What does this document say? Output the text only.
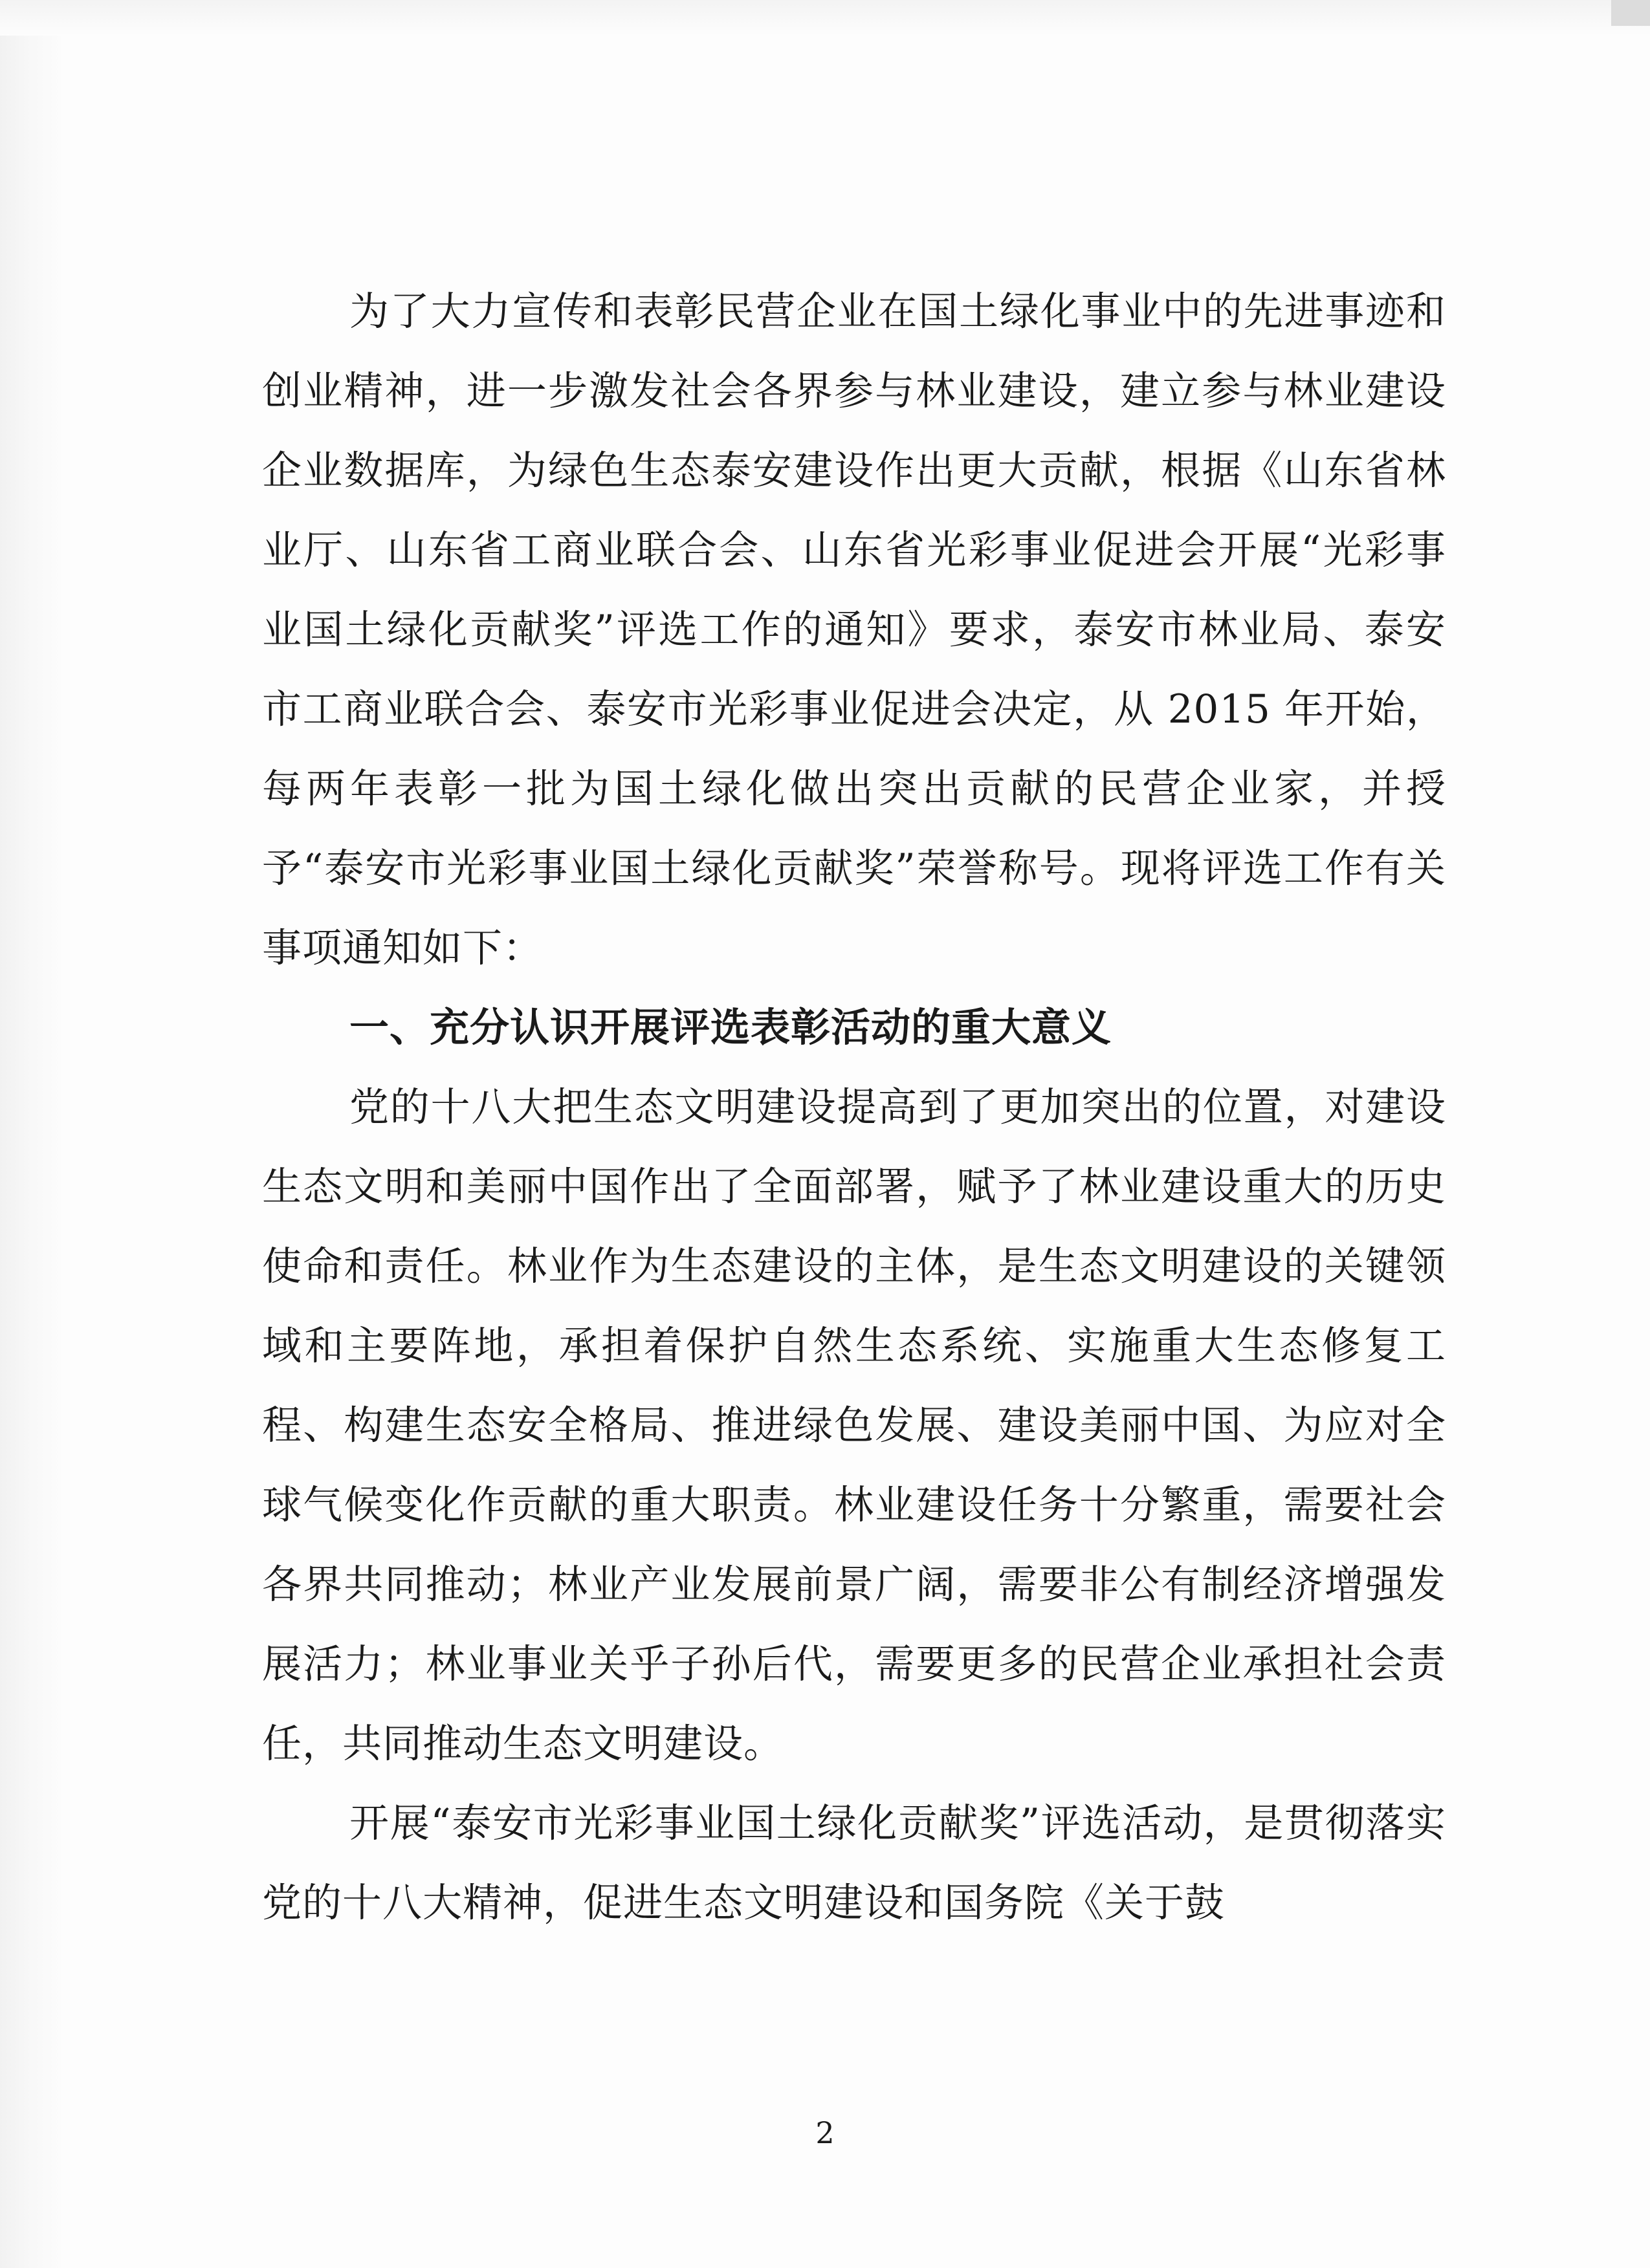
为了大力宣传和表彰民营企业在国土绿化事业中的先进事迹和创业精神，进一步激发社会各界参与林业建设，建立参与林业建设企业数据库，为绿色生态泰安建设作出更大贡献，根据《山东省林业厅、山东省工商业联合会、山东省光彩事业促进会开展“光彩事业国土绿化贡献奖”评选工作的通知》要求，泰安市林业局、泰安市工商业联合会、泰安市光彩事业促进会决定，从 2015 年开始，每两年表彰一批为国土绿化做出突出贡献的民营企业家，并授予“泰安市光彩事业国土绿化贡献奖”荣誉称号。现将评选工作有关事项通知如下：

一、充分认识开展评选表彰活动的重大意义

党的十八大把生态文明建设提高到了更加突出的位置，对建设生态文明和美丽中国作出了全面部署，赋予了林业建设重大的历史使命和责任。林业作为生态建设的主体，是生态文明建设的关键领域和主要阵地，承担着保护自然生态系统、实施重大生态修复工程、构建生态安全格局、推进绿色发展、建设美丽中国、为应对全球气候变化作贡献的重大职责。林业建设任务十分繁重，需要社会各界共同推动；林业产业发展前景广阔，需要非公有制经济增强发展活力；林业事业关乎子孙后代，需要更多的民营企业承担社会责任，共同推动生态文明建设。

开展“泰安市光彩事业国土绿化贡献奖”评选活动，是贯彻落实党的十八大精神，促进生态文明建设和国务院《关于鼓

2
